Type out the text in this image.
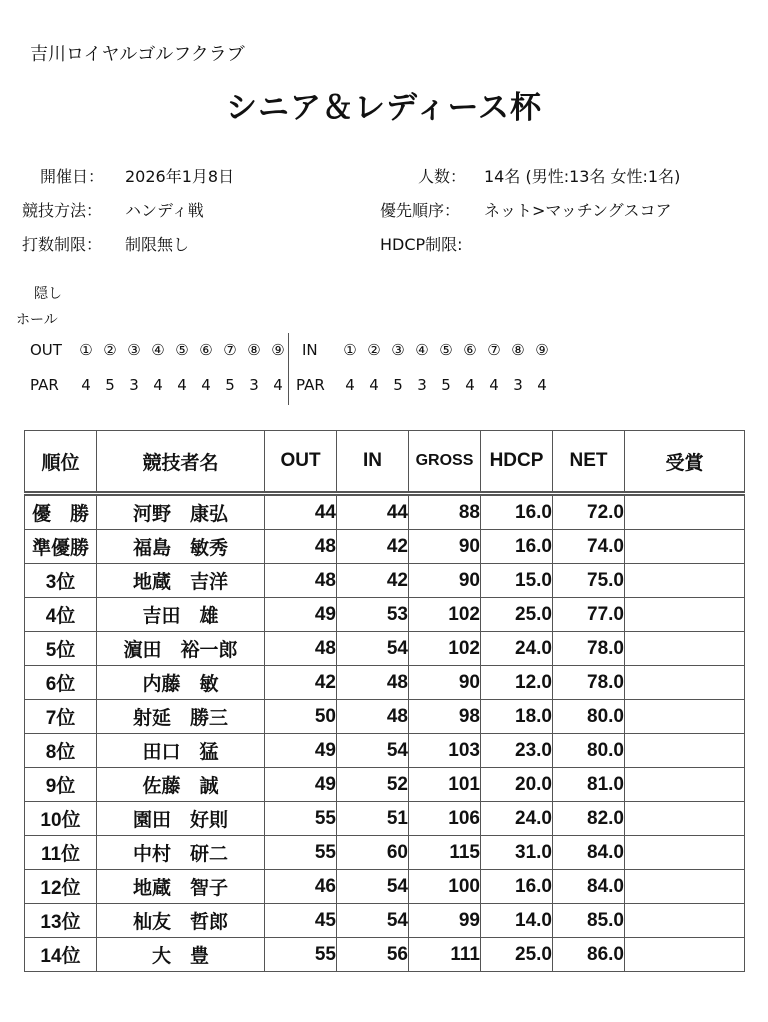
吉川ロイヤルゴルフクラブ
シニア＆レディース杯
開催日： 2026年1月8日	人数： 14名 (男性:13名 女性:1名)
競技方法： ハンディ戦	優先順序： ネット>マッチングスコア
打数制限： 制限無し	HDCP制限:
隠し
ホール
OUT ① ② ③ ④ ⑤ ⑥ ⑦ ⑧ ⑨	IN ① ② ③ ④ ⑤ ⑥ ⑦ ⑧ ⑨
PAR 4 5 3 4 4 4 5 3 4 PAR 4 4 5 3 5 4 4 3 4
順位	競技者名	OUT	IN	GROSS	HDCP	NET	受賞
優　勝	河野　康弘	44	44	88	16.0	72.0	
準優勝	福島　敏秀	48	42	90	16.0	74.0	
3位	地蔵　吉洋	48	42	90	15.0	75.0	
4位	吉田　雄	49	53	102	25.0	77.0	
5位	濵田　裕一郎	48	54	102	24.0	78.0	
6位	内藤　敏	42	48	90	12.0	78.0	
7位	射延　勝三	50	48	98	18.0	80.0	
8位	田口　猛	49	54	103	23.0	80.0	
9位	佐藤　誠	49	52	101	20.0	81.0	
10位	園田　好則	55	51	106	24.0	82.0	
11位	中村　研二	55	60	115	31.0	84.0	
12位	地蔵　智子	46	54	100	16.0	84.0	
13位	杣友　哲郎	45	54	99	14.0	85.0	
14位	大　豊	55	56	111	25.0	86.0	
